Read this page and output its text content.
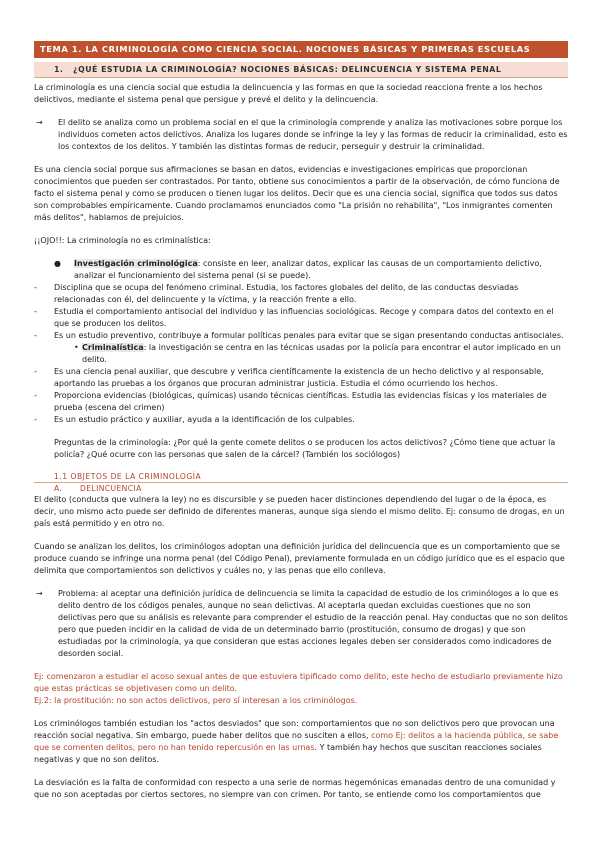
TEMA 1. LA CRIMINOLOGÍA COMO CIENCIA SOCIAL. NOCIONES BÁSICAS Y PRIMERAS ESCUELAS
1. ¿QUÉ ESTUDIA LA CRIMINOLOGÍA? NOCIONES BÁSICAS: DELINCUENCIA Y SISTEMA PENAL

La criminología es una ciencia social que estudia la delincuencia y las formas en que la sociedad reacciona frente a los hechos delictivos, mediante el sistema penal que persigue y prevé el delito y la delincuencia.

→	El delito se analiza como un problema social en el que la criminología comprende y analiza las motivaciones sobre porque los individuos cometen actos delictivos. Analiza los lugares donde se infringe la ley y las formas de reducir la criminalidad, esto es los contextos de los delitos. Y también las distintas formas de reducir, perseguir y destruir la criminalidad.

Es una ciencia social porque sus afirmaciones se basan en datos, evidencias e investigaciones empíricas que proporcionan conocimientos que pueden ser contrastados. Por tanto, obtiene sus conocimientos a partir de la observación, de cómo funciona de facto el sistema penal y como se producen o tienen lugar los delitos. Decir que es una ciencia social, significa que todos sus datos son comprobables empíricamente. Cuando proclamamos enunciados como "La prisión no rehabilita", "Los inmigrantes comenten más delitos", hablamos de prejuicios.

¡¡OJO!!: La criminología no es criminalística:

●	Investigación criminológica: consiste en leer, analizar datos, explicar las causas de un comportamiento delictivo, analizar el funcionamiento del sistema penal (si se puede).
-	Disciplina que se ocupa del fenómeno criminal. Estudia, los factores globales del delito, de las conductas desviadas relacionadas con él, del delincuente y la víctima, y la reacción frente a ello.
-	Estudia el comportamiento antisocial del individuo y las influencias sociológicas. Recoge y compara datos del contexto en el que se producen los delitos.
-	Es un estudio preventivo, contribuye a formular políticas penales para evitar que se sigan presentando conductas antisociales.
• Criminalística: la investigación se centra en las técnicas usadas por la policía para encontrar el autor implicado en un delito.
-	Es una ciencia penal auxiliar, que descubre y verifica científicamente la existencia de un hecho delictivo y al responsable, aportando las pruebas a los órganos que procuran administrar justicia. Estudia el cómo ocurriendo los hechos.
-	Proporciona evidencias (biológicas, químicas) usando técnicas científicas. Estudia las evidencias físicas y los materiales de prueba (escena del crimen)
-	Es un estudio práctico y auxiliar, ayuda a la identificación de los culpables.

Preguntas de la criminología: ¿Por qué la gente comete delitos o se producen los actos delictivos? ¿Cómo tiene que actuar la policía? ¿Qué ocurre con las personas que salen de la cárcel? (También los sociólogos)

1.1 OBJETOS DE LA CRIMINOLOGÍA
A. DELINCUENCIA

El delito (conducta que vulnera la ley) no es discursible y se pueden hacer distinciones dependiendo del lugar o de la época, es decir, uno mismo acto puede ser definido de diferentes maneras, aunque siga siendo el mismo delito. Ej: consumo de drogas, en un país está permitido y en otro no.

Cuando se analizan los delitos, los criminólogos adoptan una definición jurídica del delincuencia que es un comportamiento que se produce cuando se infringe una norma penal (del Código Penal), previamente formulada en un código jurídico que es el espacio que delimita que comportamientos son delictivos y cuáles no, y las penas que ello conlleva.

→	Problema: al aceptar una definición jurídica de delincuencia se limita la capacidad de estudio de los criminólogos a lo que es delito dentro de los códigos penales, aunque no sean delictivas. Al aceptarla quedan excluidas cuestiones que no son delictivas pero que su análisis es relevante para comprender el estudio de la reacción penal. Hay conductas que no son delitos pero que pueden incidir en la calidad de vida de un determinado barrio (prostitución, consumo de drogas) y que son estudiadas por la criminología, ya que consideran que estas acciones legales deben ser considerados como indicadores de desorden social.

Ej: comenzaron a estudiar el acoso sexual antes de que estuviera tipificado como delito, este hecho de estudiarlo previamente hizo que estas prácticas se objetivasen como un delito.

Ej.2: la prostitución: no son actos delictivos, pero sí interesan a los criminólogos.

Los criminólogos también estudian los "actos desviados" que son: comportamientos que no son delictivos pero que provocan una reacción social negativa. Sin embargo, puede haber delitos que no susciten a ellos, como Ej: delitos a la hacienda pública, se sabe que se comenten delitos, pero no han tenido repercusión en las urnas. Y también hay hechos que suscitan reacciones sociales negativas y que no son delitos.

La desviación es la falta de conformidad con respecto a una serie de normas hegemónicas emanadas dentro de una comunidad y que no son aceptadas por ciertos sectores, no siempre van con crimen. Por tanto, se entiende como los comportamientos que
